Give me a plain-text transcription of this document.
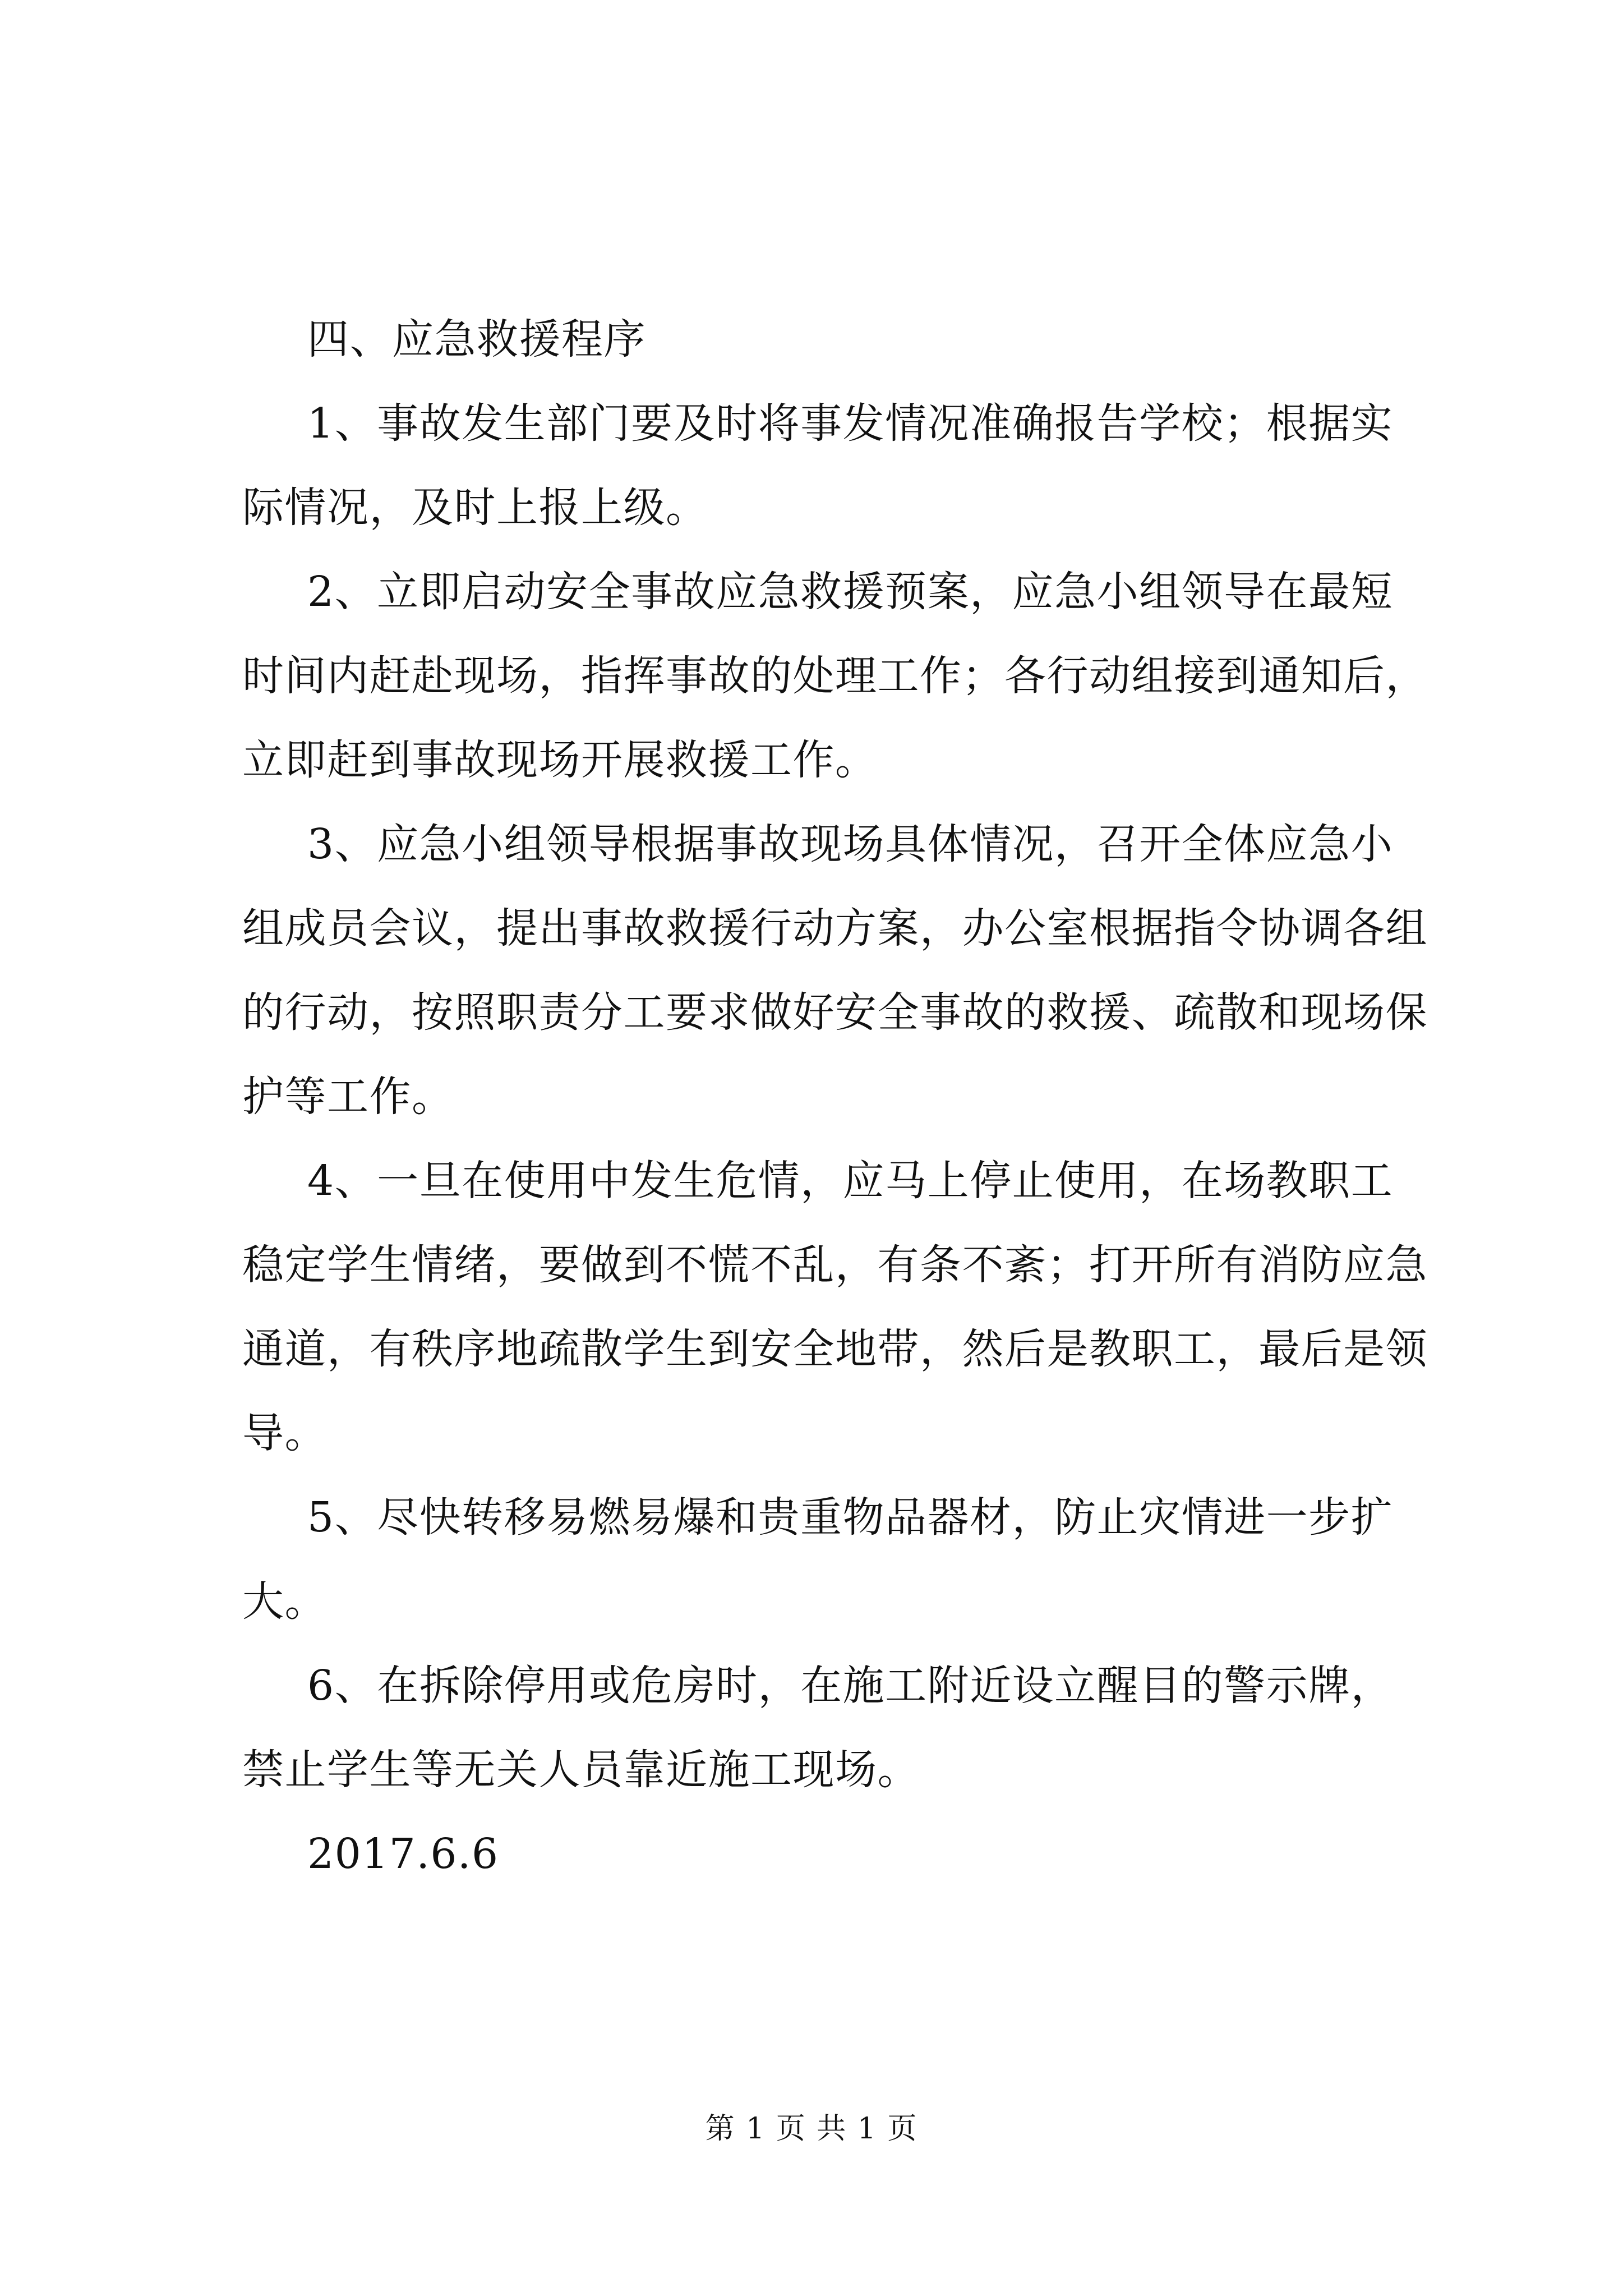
四、应急救援程序
1、事故发生部门要及时将事发情况准确报告学校；根据实
际情况，及时上报上级。
2、立即启动安全事故应急救援预案，应急小组领导在最短
时间内赶赴现场，指挥事故的处理工作；各行动组接到通知后，
立即赶到事故现场开展救援工作。
3、应急小组领导根据事故现场具体情况，召开全体应急小
组成员会议，提出事故救援行动方案，办公室根据指令协调各组
的行动，按照职责分工要求做好安全事故的救援、疏散和现场保
护等工作。
4、一旦在使用中发生危情，应马上停止使用，在场教职工
稳定学生情绪，要做到不慌不乱，有条不紊；打开所有消防应急
通道，有秩序地疏散学生到安全地带，然后是教职工，最后是领
导。
5、尽快转移易燃易爆和贵重物品器材，防止灾情进一步扩
大。
6、在拆除停用或危房时，在施工附近设立醒目的警示牌，
禁止学生等无关人员靠近施工现场。
2017.6.6
第 1 页 共 1 页
